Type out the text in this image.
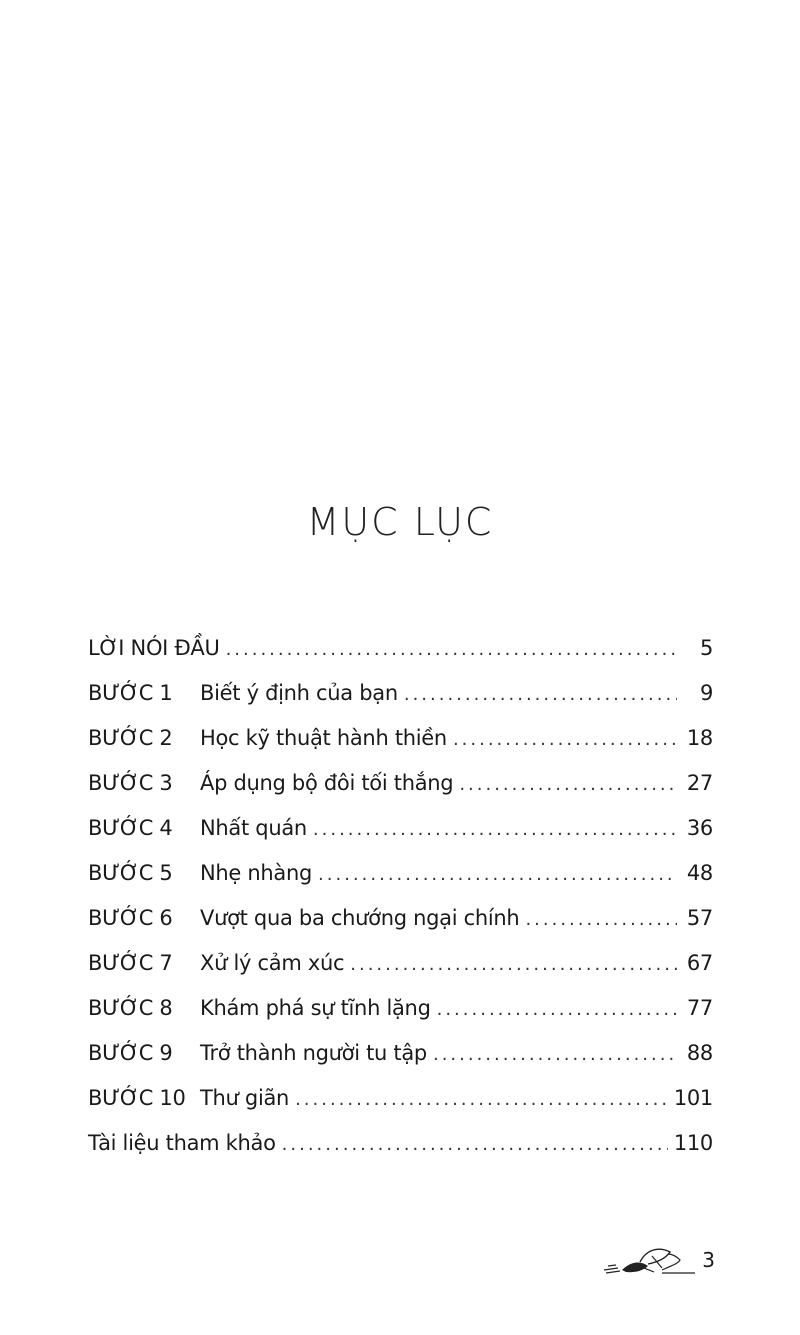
MỤC LỤC
LỜI NÓI ĐẦU .....	5
BƯỚC 1	Biết ý định của bạn .....	9
BƯỚC 2	Học kỹ thuật hành thiền .....	18
BƯỚC 3	Áp dụng bộ đôi tối thắng .....	27
BƯỚC 4	Nhất quán .....	36
BƯỚC 5	Nhẹ nhàng .....	48
BƯỚC 6	Vượt qua ba chướng ngại chính .....	57
BƯỚC 7	Xử lý cảm xúc .....	67
BƯỚC 8	Khám phá sự tĩnh lặng .....	77
BƯỚC 9	Trở thành người tu tập .....	88
BƯỚC 10 Thư giãn .....	101
Tài liệu tham khảo .....	110
3
